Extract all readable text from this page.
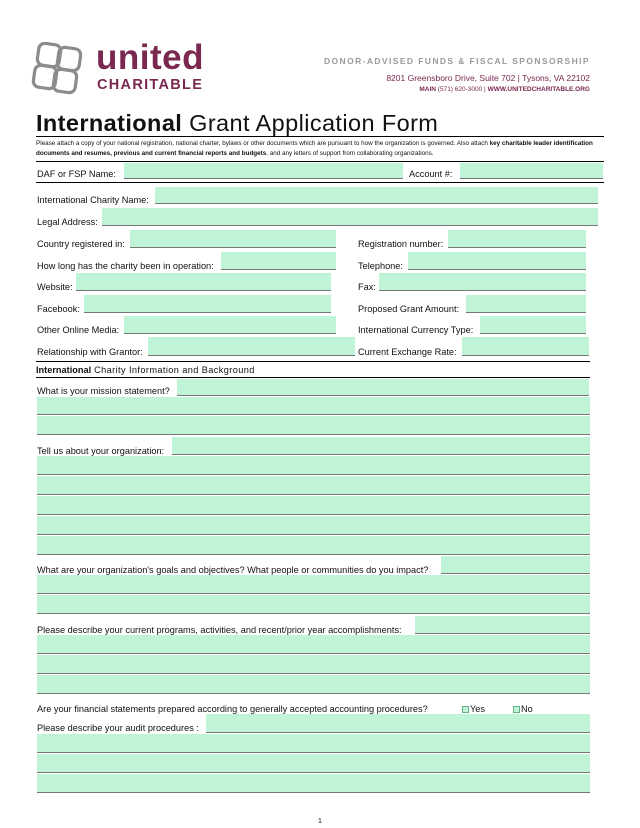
united
CHARITABLE
DONOR-ADVISED FUNDS & FISCAL SPONSORSHIP
8201 Greensboro Drive, Suite 702 | Tysons, VA 22102
MAIN (571) 620-3000 | WWW.UNITEDCHARITABLE.ORG
International Grant Application Form
Please attach a copy of your national registration, national charter, bylaws or other documents which are pursuant to how the organization is governed. Also attach key charitable leader identification documents and resumes, previous and current financial reports and budgets, and any letters of support from collaborating organizations.
DAF or FSP Name:	Account #:
International Charity Name:
Legal Address:
Country registered in:	Registration number:
How long has the charity been in operation:	Telephone:
Website:	Fax:
Facebook:	Proposed Grant Amount:
Other Online Media:	International Currency Type:
Relationship with Grantor:	Current Exchange Rate:
International Charity Information and Background
What is your mission statement?
Tell us about your organization:
What are your organization's goals and objectives? What people or communities do you impact?
Please describe your current programs, activities, and recent/prior year accomplishments:
Are your financial statements prepared according to generally accepted accounting procedures?	Yes	No
Please describe your audit procedures :
1
